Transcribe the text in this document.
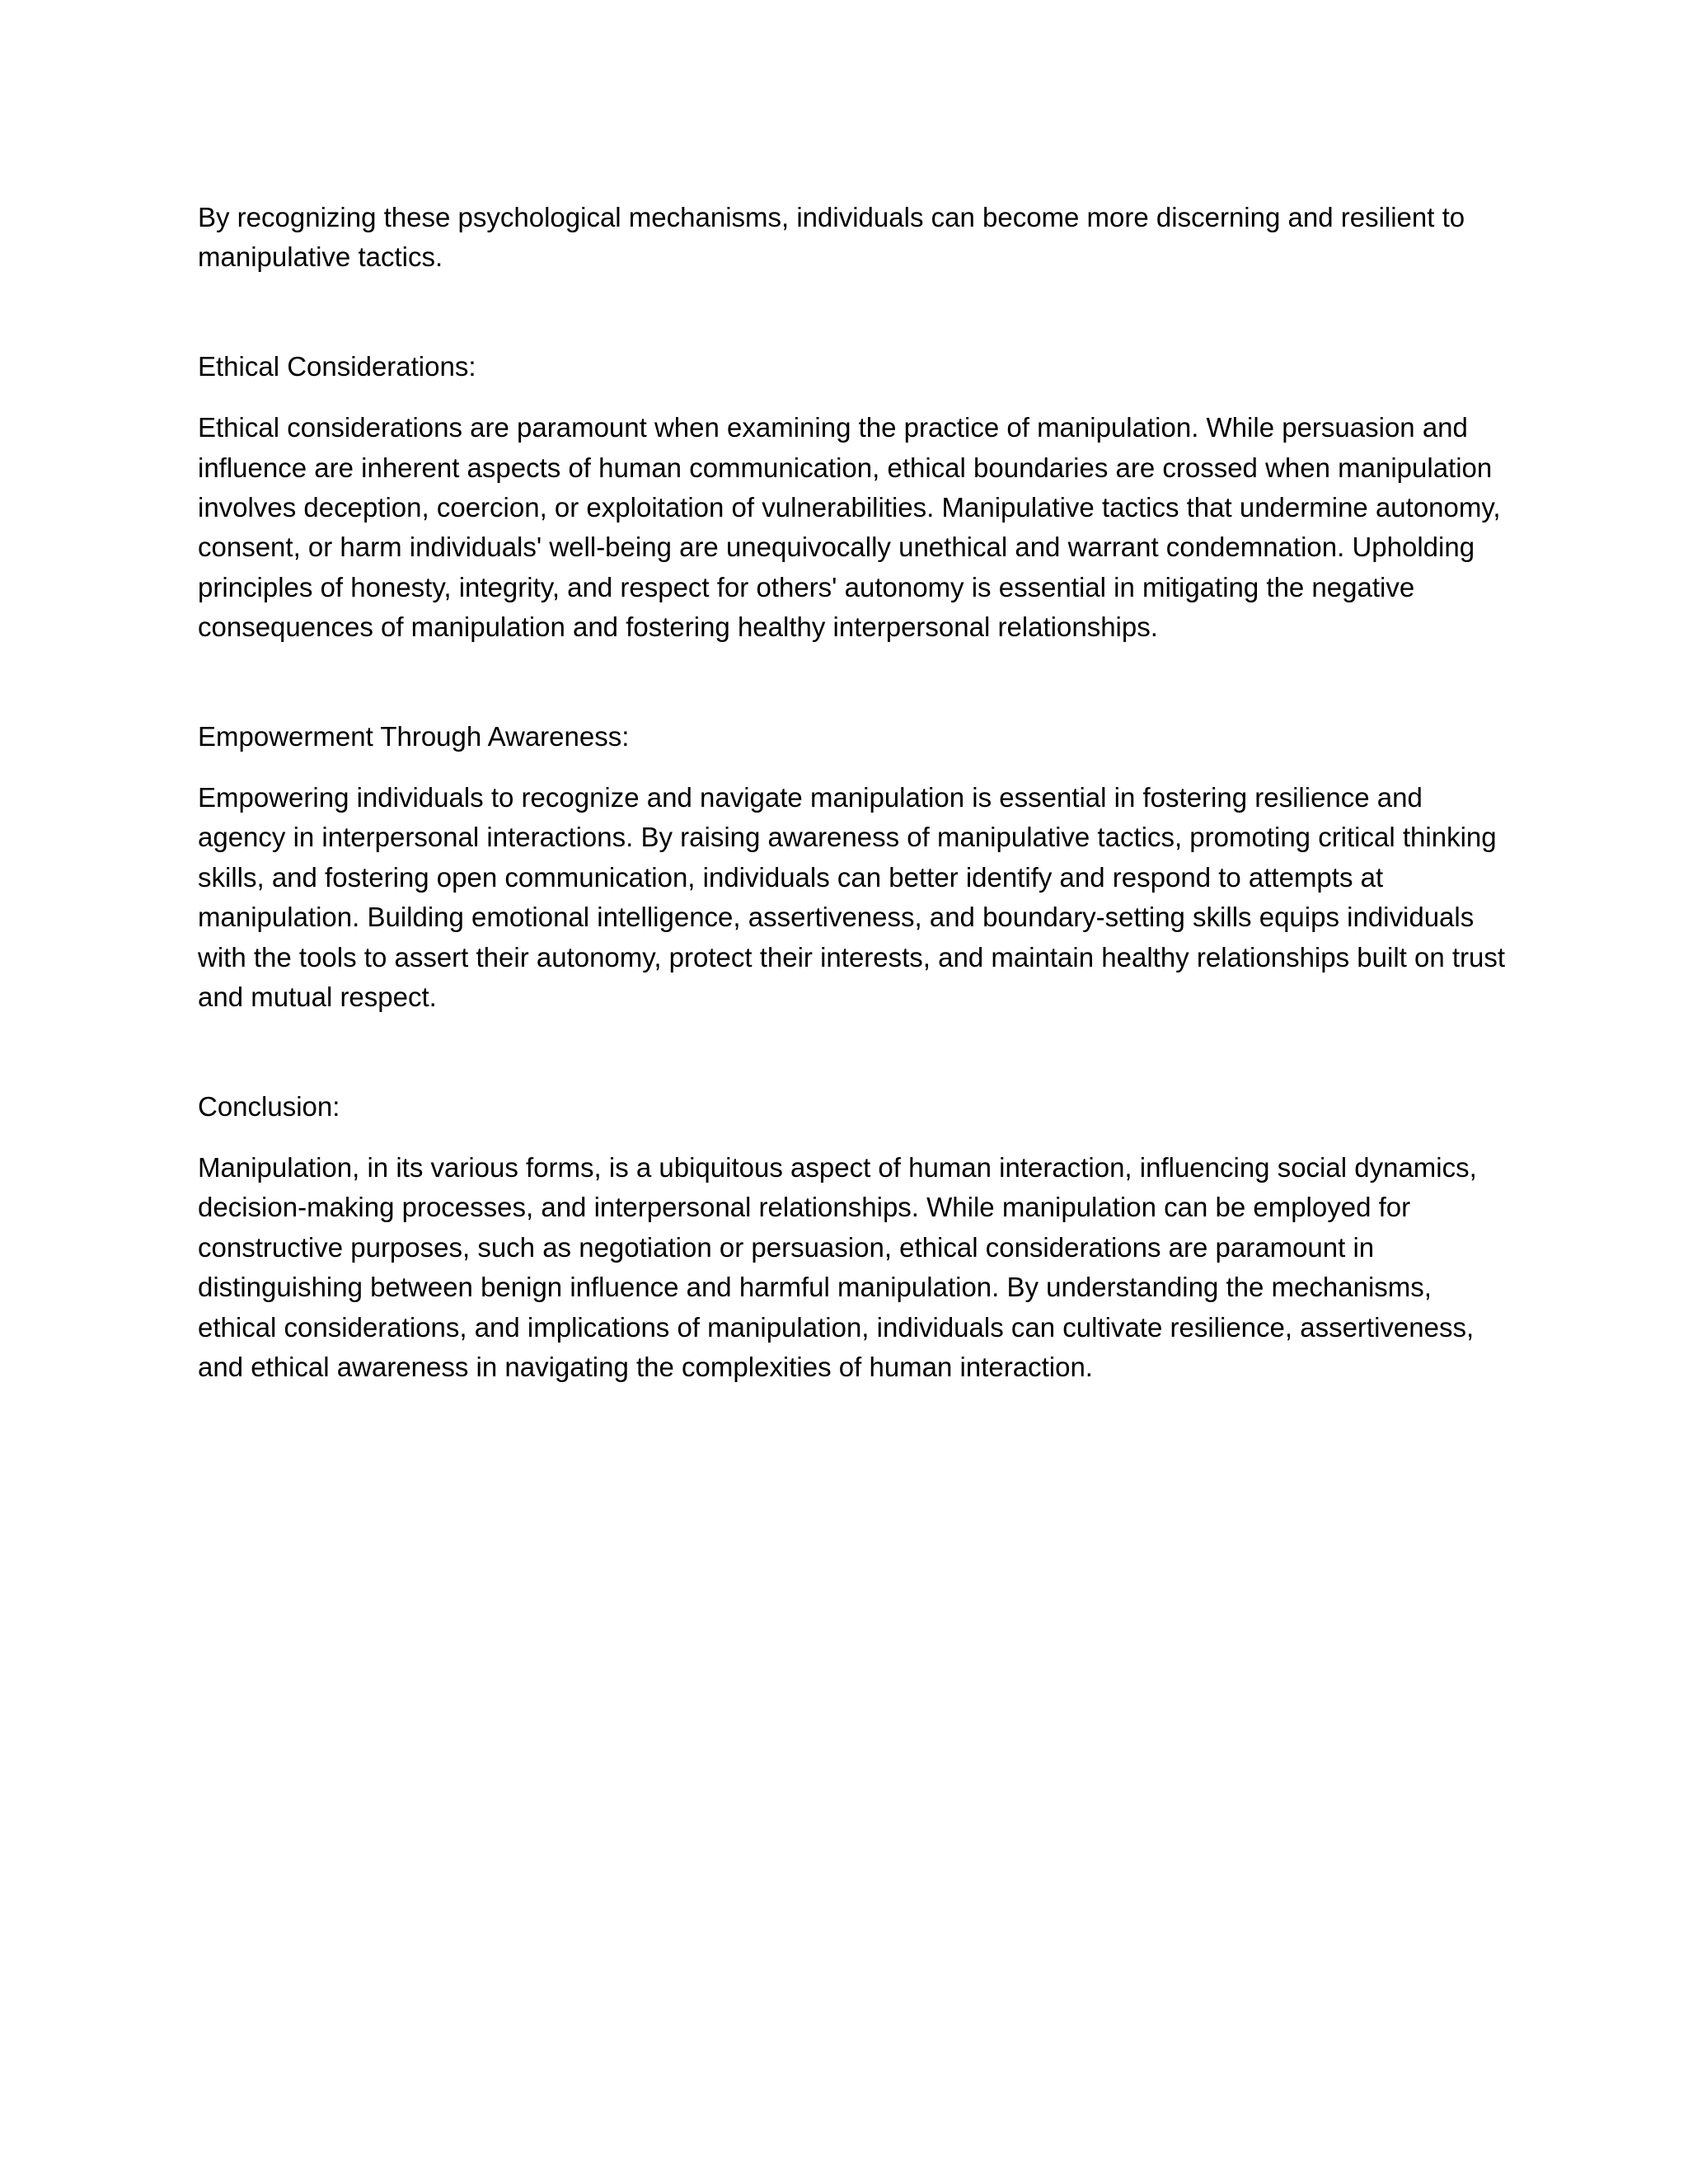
By recognizing these psychological mechanisms, individuals can become more discerning and resilient to manipulative tactics.

Ethical Considerations:

Ethical considerations are paramount when examining the practice of manipulation. While persuasion and influence are inherent aspects of human communication, ethical boundaries are crossed when manipulation involves deception, coercion, or exploitation of vulnerabilities. Manipulative tactics that undermine autonomy, consent, or harm individuals' well-being are unequivocally unethical and warrant condemnation. Upholding principles of honesty, integrity, and respect for others' autonomy is essential in mitigating the negative consequences of manipulation and fostering healthy interpersonal relationships.

Empowerment Through Awareness:

Empowering individuals to recognize and navigate manipulation is essential in fostering resilience and agency in interpersonal interactions. By raising awareness of manipulative tactics, promoting critical thinking skills, and fostering open communication, individuals can better identify and respond to attempts at manipulation. Building emotional intelligence, assertiveness, and boundary-setting skills equips individuals with the tools to assert their autonomy, protect their interests, and maintain healthy relationships built on trust and mutual respect.

Conclusion:

Manipulation, in its various forms, is a ubiquitous aspect of human interaction, influencing social dynamics, decision-making processes, and interpersonal relationships. While manipulation can be employed for constructive purposes, such as negotiation or persuasion, ethical considerations are paramount in distinguishing between benign influence and harmful manipulation. By understanding the mechanisms, ethical considerations, and implications of manipulation, individuals can cultivate resilience, assertiveness, and ethical awareness in navigating the complexities of human interaction.
